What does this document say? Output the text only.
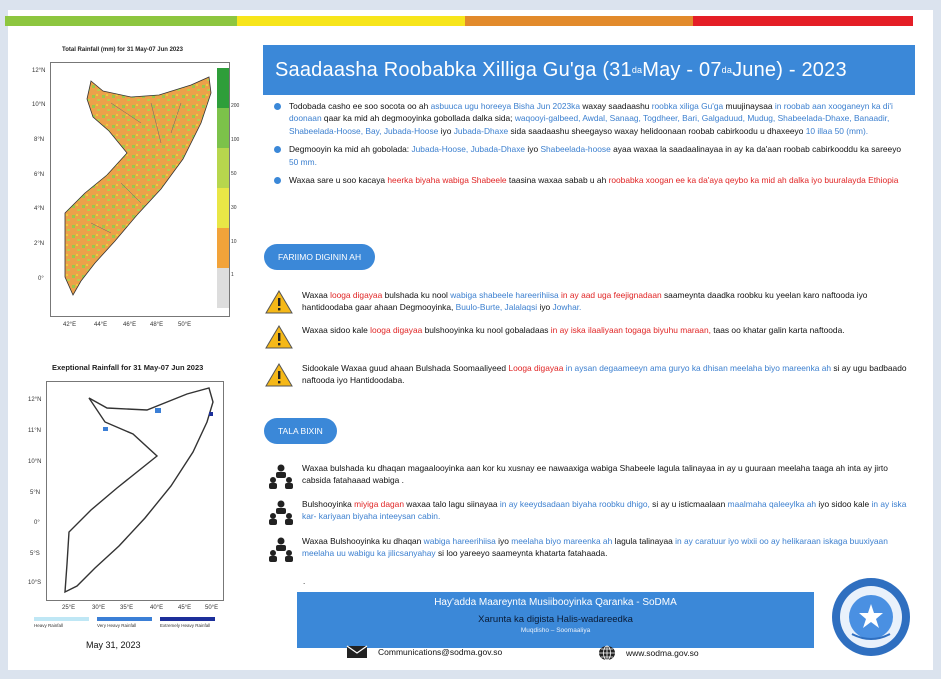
Total Rainfall (mm) for 31 May-07 Jun 2023
12°N
10°N
8°N
6°N
4°N
2°N
0°
42°E	44°E	46°E 48°E 50°E
200
100
50
30
10
1
Exeptional Rainfall for 31 May-07 Jun 2023
12°N
11°N
10°N
5°N
0°
5°S
10°S
25°E	30°E 35°E	40°E 45°E 50°E
Heavy Rainfall	Very Heavy Rainfall	Extremely Heavy Rainfall
May 31, 2023
Saadaasha Roobabka Xilliga Gu'ga (31 da May - 07 da June) - 2023
Todobada casho ee soo socota oo ah asbuuca ugu horeeya Bisha Jun 2023ka waxay saadaashu roobka xiliga Gu'ga muujinaysaa in roobab aan xooganeyn ka di'i doonaan qaar ka mid ah degmooyinka gobollada dalka sida; waqooyi-galbeed, Awdal, Sanaag, Togdheer, Bari, Galgaduud, Mudug, Shabeelada-Dhaxe, Banaadir, Shabeelada-Hoose, Bay, Jubada-Hoose iyo Jubada-Dhaxe sida saadaashu sheegayso waxay helidoonaan roobab cabirkoodu u dhaxeeyo 10 illaa 50 (mm).
Degmooyin ka mid ah gobolada: Jubada-Hoose, Jubada-Dhaxe iyo Shabeelada-hoose ayaa waxaa la saadaalinayaa in ay ka da'aan roobab cabirkooddu ka sareeyo 50 mm.
Waxaa sare u soo kacaya heerka biyaha wabiga Shabeele taasina waxaa sabab u ah roobabka xoogan ee ka da'aya qeybo ka mid ah dalka iyo buuralayda Ethiopia
FARIIMO DIGININ AH
Waxaa looga digayaa bulshada ku nool wabiga shabeele hareerihiisa in ay aad uga feejignadaan saameynta daadka roobku ku yeelan karo naftooda iyo hantidoodaba gaar ahaan Degmooyinka, Buulo-Burte, Jalalaqsi iyo Jowhar.
Waxaa sidoo kale looga digayaa bulshooyinka ku nool gobaladaas in ay iska ilaaliyaan togaga biyuhu maraan, taas oo khatar galin karta naftooda.
Sidookale Waxaa guud ahaan Bulshada Soomaaliyeed Looga digayaa in aysan degaameeyn ama guryo ka dhisan meelaha biyo mareenka ah si ay ugu badbaado naftooda iyo Hantidoodaba.
TALA BIXIN
Waxaa bulshada ku dhaqan magaalooyinka aan kor ku xusnay ee nawaaxiga wabiga Shabeele lagula talinayaa in ay u guuraan meelaha taaga ah inta ay jirto cabsida fatahaaad wabiga .
Bulshooyinka miyiga dagan waxaa talo lagu siinayaa in ay keeydsadaan biyaha roobku dhigo, si ay u isticmaalaan maalmaha qaleeylka ah iyo sidoo kale in ay iska kar- kariyaan biyaha inteeysan cabin.
Waxaa Bulshooyinka ku dhaqan wabiga hareerihiisa iyo meelaha biyo mareenka ah lagula talinayaa in ay caratuur iyo wixii oo ay helikaraan iskaga buuxiyaan meelaha uu wabigu ka jilicsanyahay si loo yareeyo saameynta khatarta fatahaada.
.
Hay'adda Maareynta Musiibooyinka Qaranka - SoDMA
Xarunta ka digista Halis-wadareedka
Muqdisho – Soomaaliya
Communications@sodma.gov.so	www.sodma.gov.so
